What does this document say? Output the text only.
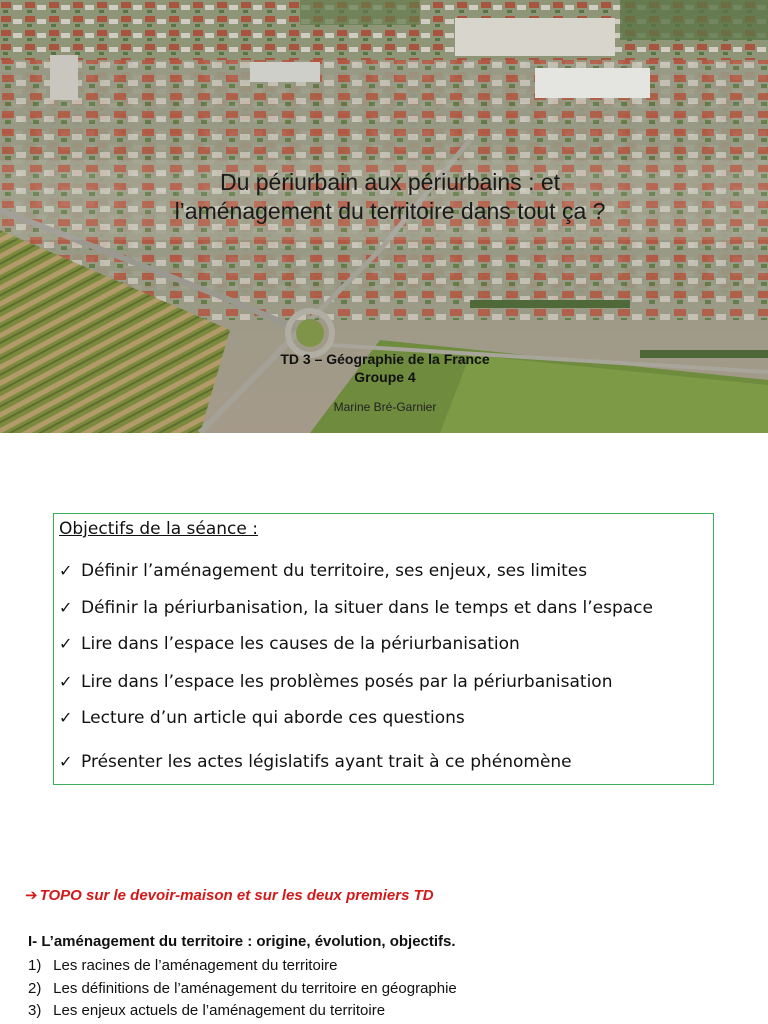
Du périurbain aux périurbains : et
l’aménagement du territoire dans tout ça ?
TD 3 – Géographie de la France
Groupe 4
Marine Bré-Garnier
Objectifs de la séance :
✓ Définir l’aménagement du territoire, ses enjeux, ses limites
✓ Définir la périurbanisation, la situer dans le temps et dans l’espace
✓ Lire dans l’espace les causes de la périurbanisation
✓ Lire dans l’espace les problèmes posés par la périurbanisation
✓ Lecture d’un article qui aborde ces questions
✓ Présenter les actes législatifs ayant trait à ce phénomène
➔ TOPO sur le devoir-maison et sur les deux premiers TD
I- L’aménagement du territoire : origine, évolution, objectifs.
1) Les racines de l’aménagement du territoire
2) Les définitions de l’aménagement du territoire en géographie
3) Les enjeux actuels de l’aménagement du territoire
